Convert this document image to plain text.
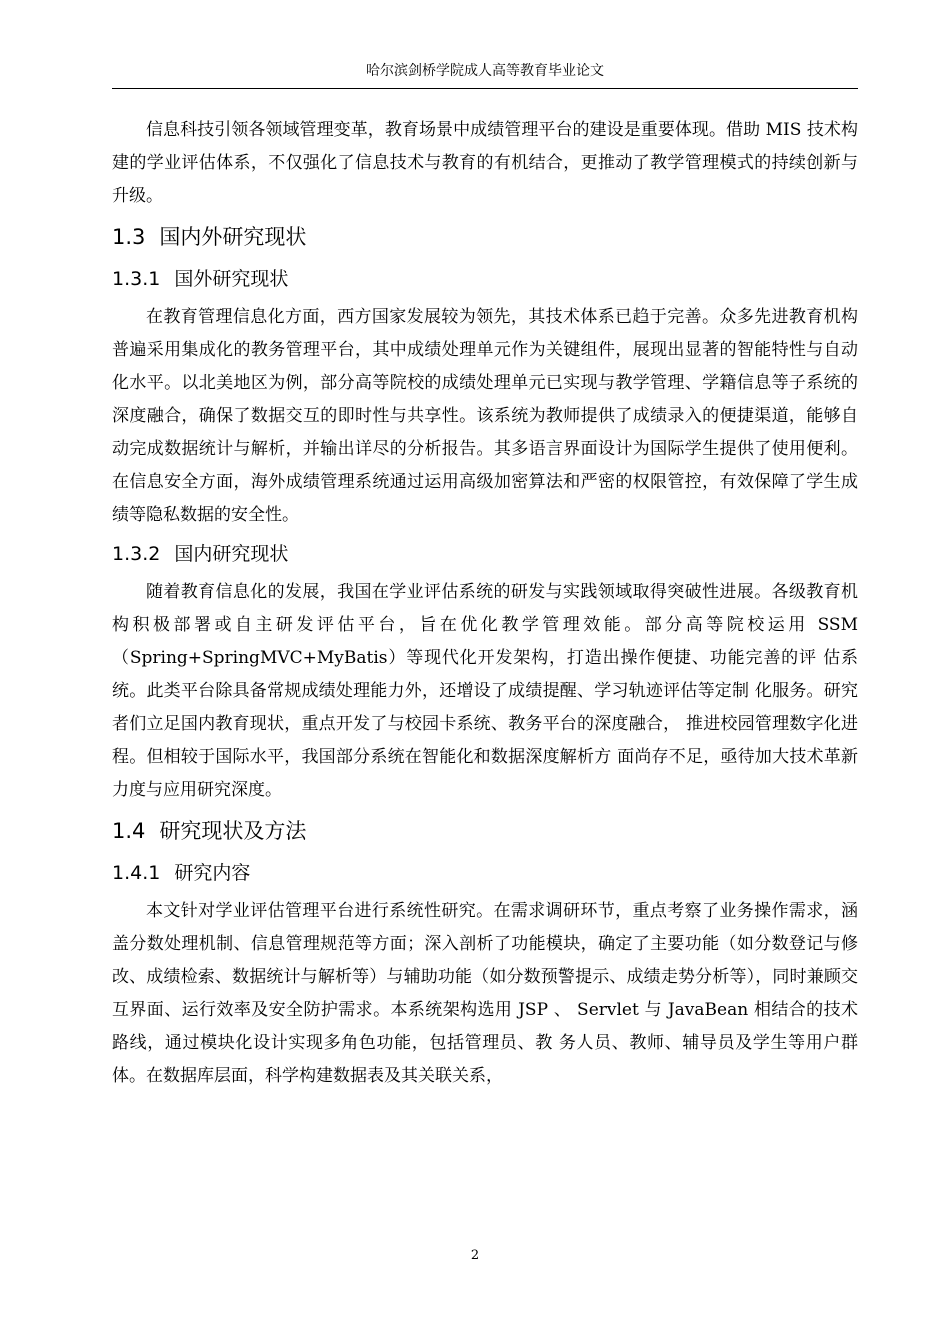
哈尔滨剑桥学院成人高等教育毕业论文

信息科技引领各领域管理变革，教育场景中成绩管理平台的建设是重要体现。借助 MIS 技术构建的学业评估体系，不仅强化了信息技术与教育的有机结合，更推动了教学管理模式的持续创新与升级。

1.3 国内外研究现状
1.3.1 国外研究现状

在教育管理信息化方面，西方国家发展较为领先，其技术体系已趋于完善。众多先进教育机构普遍采用集成化的教务管理平台，其中成绩处理单元作为关键组件，展现出显著的智能特性与自动化水平。以北美地区为例，部分高等院校的成绩处理单元已实现与教学管理、学籍信息等子系统的深度融合，确保了数据交互的即时性与共享性。该系统为教师提供了成绩录入的便捷渠道，能够自动完成数据统计与解析，并输出详尽的分析报告。其多语言界面设计为国际学生提供了使用便利。在信息安全方面，海外成绩管理系统通过运用高级加密算法和严密的权限管控，有效保障了学生成绩等隐私数据的安全性。

1.3.2 国内研究现状

随着教育信息化的发展，我国在学业评估系统的研发与实践领域取得突破性进展。各级教育机构积极部署或自主研发评估平台，旨在优化教学管理效能。部分高等院校运用 SSM（Spring+SpringMVC+MyBatis）等现代化开发架构，打造出操作便捷、功能完善的评 估系统。此类平台除具备常规成绩处理能力外，还增设了成绩提醒、学习轨迹评估等定制 化服务。研究者们立足国内教育现状，重点开发了与校园卡系统、教务平台的深度融合， 推进校园管理数字化进程。但相较于国际水平，我国部分系统在智能化和数据深度解析方 面尚存不足，亟待加大技术革新力度与应用研究深度。

1.4 研究现状及方法
1.4.1 研究内容

本文针对学业评估管理平台进行系统性研究。在需求调研环节，重点考察了业务操作需求，涵盖分数处理机制、信息管理规范等方面；深入剖析了功能模块，确定了主要功能（如分数登记与修改、成绩检索、数据统计与解析等）与辅助功能（如分数预警提示、成绩走势分析等），同时兼顾交互界面、运行效率及安全防护需求。本系统架构选用 JSP 、 Servlet 与 JavaBean 相结合的技术路线，通过模块化设计实现多角色功能，包括管理员、教 务人员、教师、辅导员及学生等用户群体。在数据库层面，科学构建数据表及其关联关系，

2
